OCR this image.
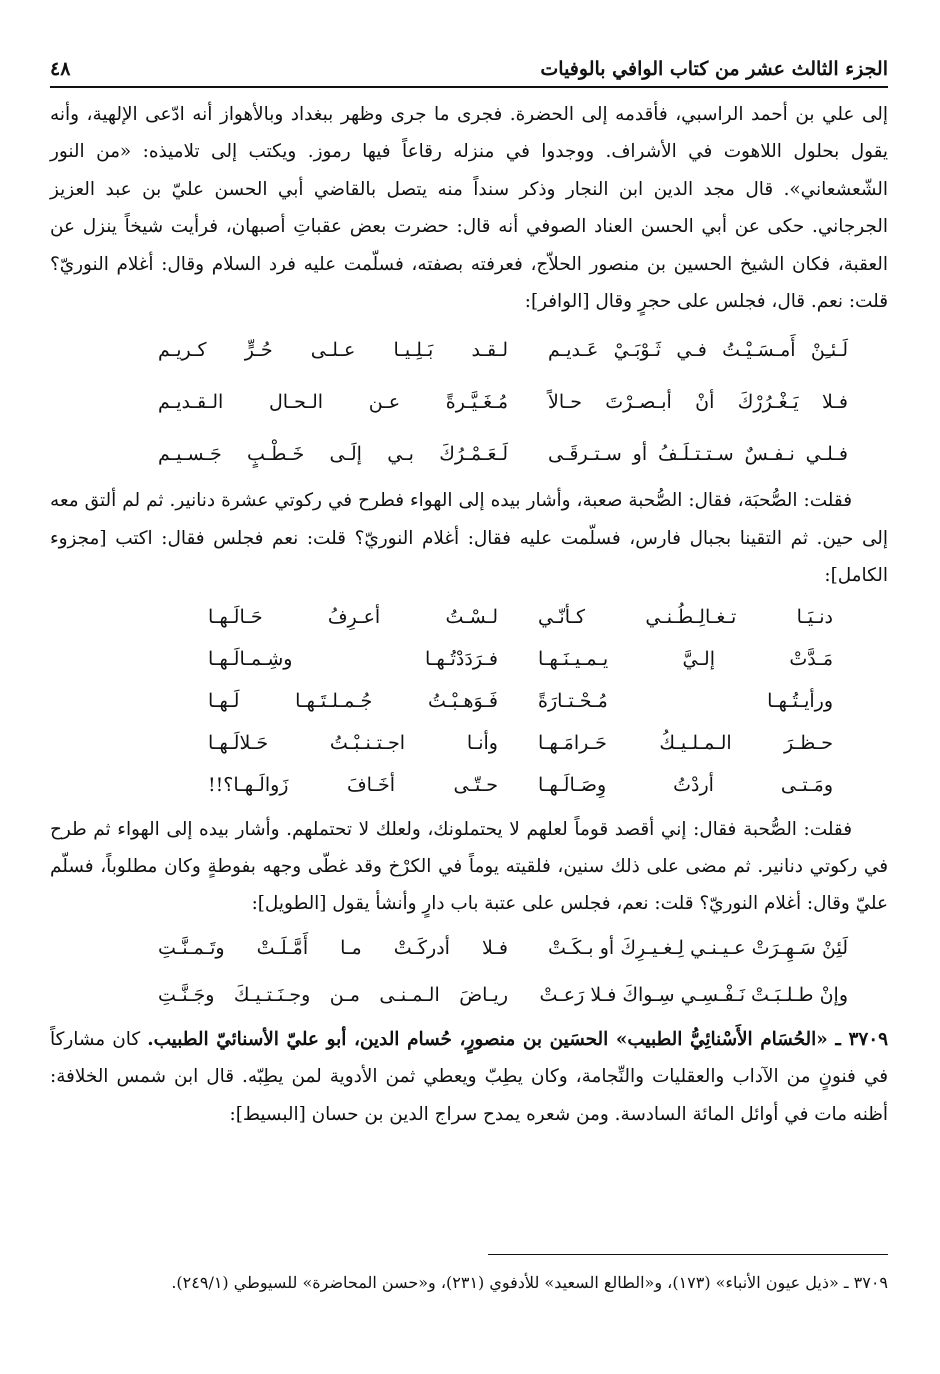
الجزء الثالث عشر من كتاب الوافي بالوفيات
٤٨

إلى علي بن أحمد الراسبي، فأقدمه إلى الحضرة. فجرى ما جرى وظهر ببغداد وبالأهواز أنه ادّعى الإلهية، وأنه يقول بحلول اللاهوت في الأشراف. ووجدوا في منزله رقاعاً فيها رموز. ويكتب إلى تلاميذه: «من النور الشّعشعاني». قال مجد الدين ابن النجار وذكر سنداً منه يتصل بالقاضي أبي الحسن عليّ بن عبد العزيز الجرجاني. حكى عن أبي الحسن العناد الصوفي أنه قال: حضرت بعض عقباتِ أصبهان، فرأيت شيخاً ينزل عن العقبة، فكان الشيخ الحسين بن منصور الحلاّج، فعرفته بصفته، فسلّمت عليه فرد السلام وقال: أغلام النوريّ؟ قلت: نعم. قال، فجلس على حجرٍ وقال [الوافر]:

لَـئـِنْ أَمـسَـيْـتُ فـي ثَـوْبَـيْ عَـديـم
لـقـد بَـلِـيـا عـلـى حُـرٍّ كـريـم
فـلا يَـغْـرُرْكَ أنْ أبـصـرْتَ حـالاً
مُـغَـيَّـرةً عـن الـحـال الـقـديـم
فـلـي نـفـسٌ سـتـتـلَـفُ أو سـتـرقَـى
لَـعَـمْـرُكَ بـي إلَـى خَـطْـبٍ جَـسـيـم

فقلت: الصُّحبَة، فقال: الصُّحبة صعبة، وأشار بيده إلى الهواء فطرح في ركوتي عشرة دنانير. ثم لم ألتق معه إلى حين. ثم التقينا بجبال فارس، فسلّمت عليه فقال: أغلام النوريّ؟ قلت: نعم فجلس فقال: اكتب [مجزوء الكامل]:

دنـيَـا تـغـالِـطُـنـي كـأنّـي
لـسْـتُ أعـرِفُ حَـالَـهـا
مَـدَّتْ إلـيَّ يـمـيـنَـهـا
فـرَدَدْتُـهـا وشِـمـالَـهـا
ورأيـتُـهـا مُـحْـتـارَةً
فَـوَهـبْـتُ جُـمـلـتَـهـا لَـهـا
حـظـرَ الـمـلـيـكُ حَـرامَـهـا
وأنـا اجـتـنـبْـتُ حَـلالَـهـا
ومَـتـى أردْتُ وِصَـالَـهـا
حـتّـى أخَـافَ زَوالَـهـا؟!!

فقلت: الصُّحبة فقال: إني أقصد قوماً لعلهم لا يحتملونك، ولعلك لا تحتملهم. وأشار بيده إلى الهواء ثم طرح في ركوتي دنانير. ثم مضى على ذلك سنين، فلقيته يوماً في الكرْخ وقد غطّى وجهه بفوطةٍ وكان مطلوباً، فسلّم عليّ وقال: أغلام النوريّ؟ قلت: نعم، فجلس على عتبة باب دارٍ وأنشأ يقول [الطويل]:

لَئِنْ سَـهِـرَتْ عـيـنـي لِـغـيـرِكَ أو بـكَـتْ
فـلا أدركَـتْ مـا أَمَّـلَـتْ وتَـمـنَّـتِ
وإنْ طـلـبَـتْ نَـفْـسِـي سِـواكَ فـلا رَعـتْ
ريـاضَ الـمـنـى مـن وجـنَـتـيـكَ وجَـنَّـتِ

٣٧٠٩ ـ «الحُسَام الأَسْنائِيُّ الطبيب» الحسَين بن منصورٍ، حُسام الدين، أبو عليّ الأسنائيّ الطبيب. كان مشاركاً في فنونٍ من الآداب والعقليات والنِّجامة، وكان يطِبّ ويعطي ثمن الأدوية لمن يطِبّه. قال ابن شمس الخلافة: أظنه مات في أوائل المائة السادسة. ومن شعره يمدح سراج الدين بن حسان [البسيط]:

٣٧٠٩ ـ «ذيل عيون الأنباء» (١٧٣)، و«الطالع السعيد» للأدفوي (٢٣١)، و«حسن المحاضرة» للسيوطي (٢٤٩/١).
